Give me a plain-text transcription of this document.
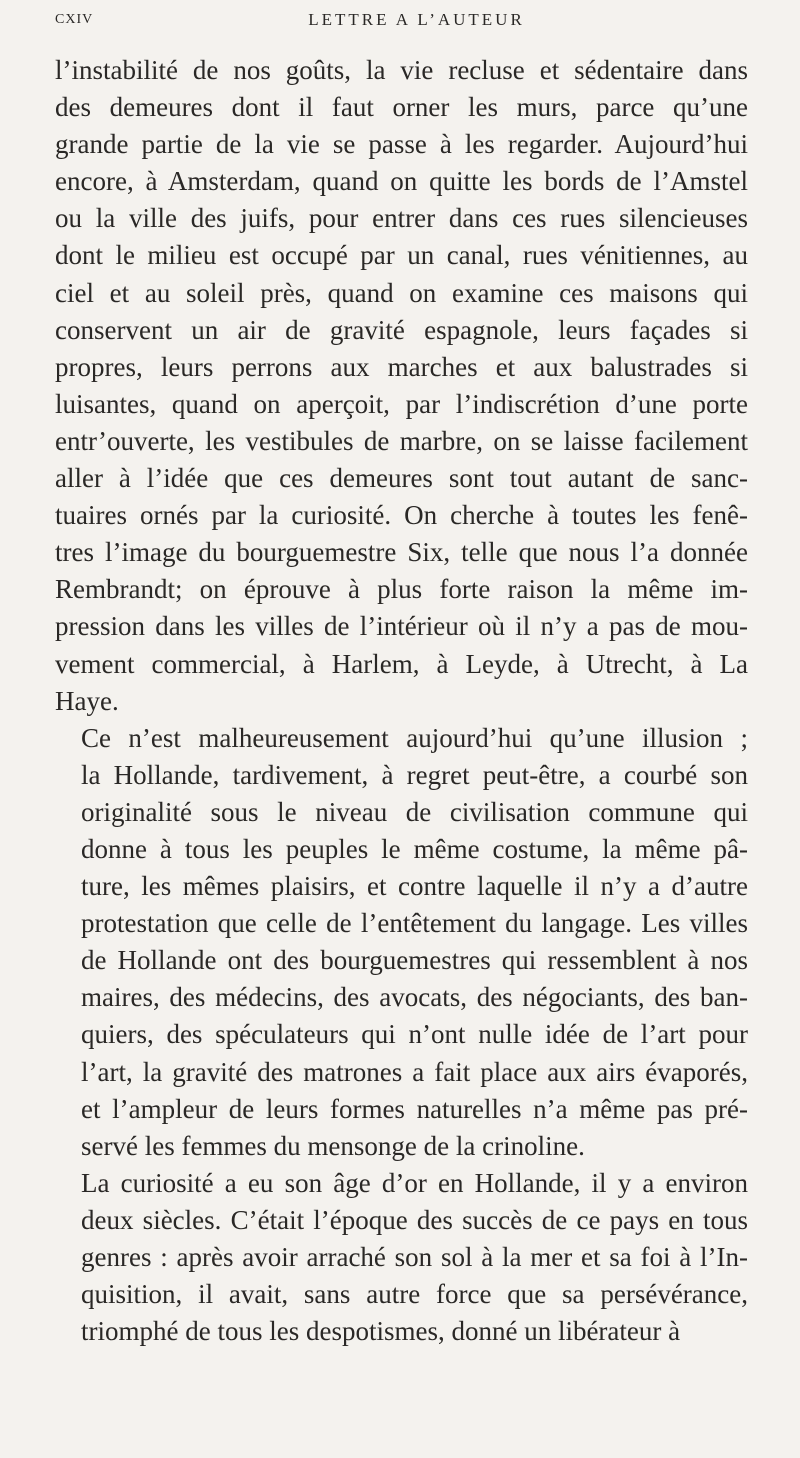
CXIV	LETTRE A L’AUTEUR

l’instabilité de nos goûts, la vie recluse et sédentaire dans
des demeures dont il faut orner les murs, parce qu’une
grande partie de la vie se passe à les regarder. Aujourd’hui
encore, à Amsterdam, quand on quitte les bords de l’Amstel
ou la ville des juifs, pour entrer dans ces rues silencieuses
dont le milieu est occupé par un canal, rues vénitiennes, au
ciel et au soleil près, quand on examine ces maisons qui
conservent un air de gravité espagnole, leurs façades si
propres, leurs perrons aux marches et aux balustrades si
luisantes, quand on aperçoit, par l’indiscrétion d’une porte
entr’ouverte, les vestibules de marbre, on se laisse facilement
aller à l’idée que ces demeures sont tout autant de sanc-
tuaires ornés par la curiosité. On cherche à toutes les fenê-
tres l’image du bourguemestre Six, telle que nous l’a donnée
Rembrandt; on éprouve à plus forte raison la même im-
pression dans les villes de l’intérieur où il n’y a pas de mou-
vement commercial, à Harlem, à Leyde, à Utrecht, à La
Haye.

Ce n’est malheureusement aujourd’hui qu’une illusion ;
la Hollande, tardivement, à regret peut-être, a courbé son
originalité sous le niveau de civilisation commune qui
donne à tous les peuples le même costume, la même pâ-
ture, les mêmes plaisirs, et contre laquelle il n’y a d’autre
protestation que celle de l’entêtement du langage. Les villes
de Hollande ont des bourguemestres qui ressemblent à nos
maires, des médecins, des avocats, des négociants, des ban-
quiers, des spéculateurs qui n’ont nulle idée de l’art pour
l’art, la gravité des matrones a fait place aux airs évaporés,
et l’ampleur de leurs formes naturelles n’a même pas pré-
servé les femmes du mensonge de la crinoline.

La curiosité a eu son âge d’or en Hollande, il y a environ
deux siècles. C’était l’époque des succès de ce pays en tous
genres : après avoir arraché son sol à la mer et sa foi à l’In-
quisition, il avait, sans autre force que sa persévérance,
triomphé de tous les despotismes, donné un libérateur à
